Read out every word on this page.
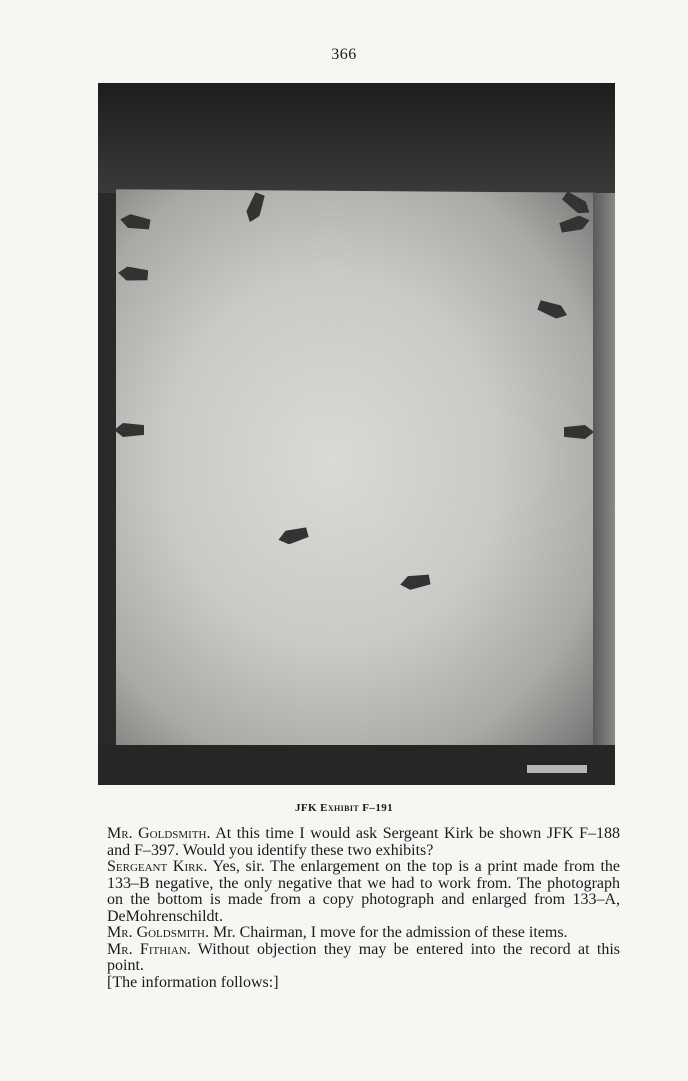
366
JFK Exhibit F–191

Mr. Goldsmith. At this time I would ask Sergeant Kirk be shown JFK F–188 and F–397. Would you identify these two exhibits?

Sergeant Kirk. Yes, sir. The enlargement on the top is a print made from the 133–B negative, the only negative that we had to work from. The photograph on the bottom is made from a copy photograph and enlarged from 133–A, DeMohrenschildt.

Mr. Goldsmith. Mr. Chairman, I move for the admission of these items.

Mr. Fithian. Without objection they may be entered into the record at this point.

[The information follows:]
